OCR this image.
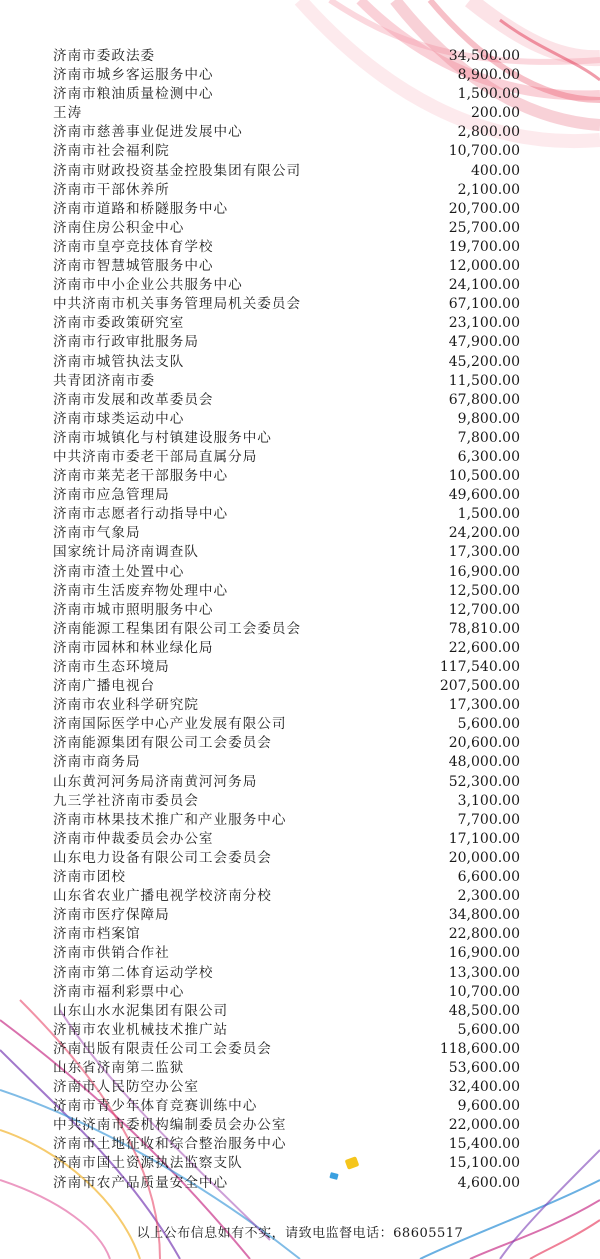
济南市委政法委	34,500.00
济南市城乡客运服务中心	8,900.00
济南市粮油质量检测中心	1,500.00
王涛	200.00
济南市慈善事业促进发展中心	2,800.00
济南市社会福利院	10,700.00
济南市财政投资基金控股集团有限公司	400.00
济南市干部休养所	2,100.00
济南市道路和桥隧服务中心	20,700.00
济南住房公积金中心	25,700.00
济南市皇亭竞技体育学校	19,700.00
济南市智慧城管服务中心	12,000.00
济南市中小企业公共服务中心	24,100.00
中共济南市机关事务管理局机关委员会	67,100.00
济南市委政策研究室	23,100.00
济南市行政审批服务局	47,900.00
济南市城管执法支队	45,200.00
共青团济南市委	11,500.00
济南市发展和改革委员会	67,800.00
济南市球类运动中心	9,800.00
济南市城镇化与村镇建设服务中心	7,800.00
中共济南市委老干部局直属分局	6,300.00
济南市莱芜老干部服务中心	10,500.00
济南市应急管理局	49,600.00
济南市志愿者行动指导中心	1,500.00
济南市气象局	24,200.00
国家统计局济南调查队	17,300.00
济南市渣土处置中心	16,900.00
济南市生活废弃物处理中心	12,500.00
济南市城市照明服务中心	12,700.00
济南能源工程集团有限公司工会委员会	78,810.00
济南市园林和林业绿化局	22,600.00
济南市生态环境局	117,540.00
济南广播电视台	207,500.00
济南市农业科学研究院	17,300.00
济南国际医学中心产业发展有限公司	5,600.00
济南能源集团有限公司工会委员会	20,600.00
济南市商务局	48,000.00
山东黄河河务局济南黄河河务局	52,300.00
九三学社济南市委员会	3,100.00
济南市林果技术推广和产业服务中心	7,700.00
济南市仲裁委员会办公室	17,100.00
山东电力设备有限公司工会委员会	20,000.00
济南市团校	6,600.00
山东省农业广播电视学校济南分校	2,300.00
济南市医疗保障局	34,800.00
济南市档案馆	22,800.00
济南市供销合作社	16,900.00
济南市第二体育运动学校	13,300.00
济南市福利彩票中心	10,700.00
山东山水水泥集团有限公司	48,500.00
济南市农业机械技术推广站	5,600.00
济南出版有限责任公司工会委员会	118,600.00
山东省济南第二监狱	53,600.00
济南市人民防空办公室	32,400.00
济南市青少年体育竞赛训练中心	9,600.00
中共济南市委机构编制委员会办公室	22,000.00
济南市土地征收和综合整治服务中心	15,400.00
济南市国土资源执法监察支队	15,100.00
济南市农产品质量安全中心	4,600.00
以上公布信息如有不实，请致电监督电话：68605517
